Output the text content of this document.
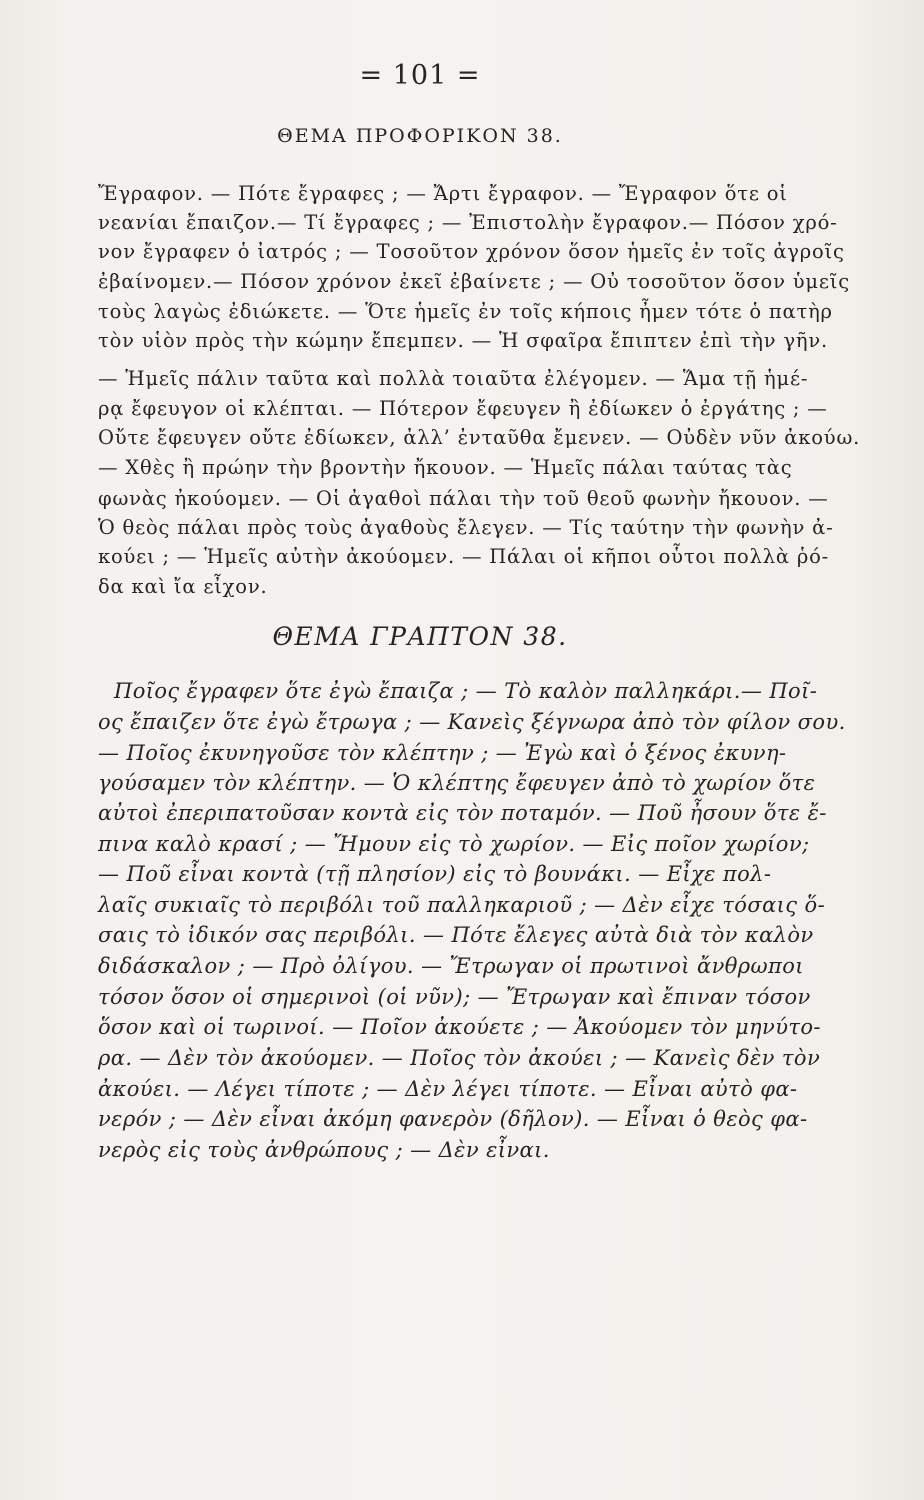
= 101 =
ΘΕΜΑ ΠΡΟΦΟΡΙΚΟΝ 38.
Ἔγραφον. — Πότε ἔγραφες ; — Ἄρτι ἔγραφον. — Ἔγραφον ὅτε οἱ
νεανίαι ἔπαιζον.— Τί ἔγραφες ; — Ἐπιστολὴν ἔγραφον.— Πόσον χρό-
νον ἔγραφεν ὁ ἰατρός ; — Τοσοῦτον χρόνον ὅσον ἡμεῖς ἐν τοῖς ἀγροῖς
ἐβαίνομεν.— Πόσον χρόνον ἐκεῖ ἐβαίνετε ; — Οὐ τοσοῦτον ὅσον ὑμεῖς
τοὺς λαγὼς ἐδιώκετε. — Ὅτε ἡμεῖς ἐν τοῖς κήποις ἦμεν τότε ὁ πατὴρ
τὸν υἱὸν πρὸς τὴν κώμην ἔπεμπεν. — Ἡ σφαῖρα ἔπιπτεν ἐπὶ τὴν γῆν.
— Ἡμεῖς πάλιν ταῦτα καὶ πολλὰ τοιαῦτα ἐλέγομεν. — Ἅμα τῇ ἡμέ-
ρᾳ ἔφευγον οἱ κλέπται. — Πότερον ἔφευγεν ἢ ἐδίωκεν ὁ ἐργάτης ; —
Οὔτε ἔφευγεν οὔτε ἐδίωκεν, ἀλλ’ ἐνταῦθα ἔμενεν. — Οὐδὲν νῦν ἀκούω.
— Χθὲς ἢ πρώην τὴν βροντὴν ἤκουον. — Ἡμεῖς πάλαι ταύτας τὰς
φωνὰς ἠκούομεν. — Οἱ ἀγαθοὶ πάλαι τὴν τοῦ θεοῦ φωνὴν ἤκουον. —
Ὁ θεὸς πάλαι πρὸς τοὺς ἀγαθοὺς ἔλεγεν. — Τίς ταύτην τὴν φωνὴν ἀ-
κούει ; — Ἡμεῖς αὐτὴν ἀκούομεν. — Πάλαι οἱ κῆποι οὗτοι πολλὰ ῥό-
δα καὶ ἴα εἶχον.
ΘΕΜΑ ΓΡΑΠΤΟΝ 38.
Ποῖος ἔγραφεν ὅτε ἐγὼ ἔπαιζα ; — Τὸ καλὸν παλληκάρι.— Ποῖ-
ος ἔπαιζεν ὅτε ἐγὼ ἔτρωγα ; — Κανεὶς ξέγνωρα ἀπὸ τὸν φίλον σου.
— Ποῖος ἐκυνηγοῦσε τὸν κλέπτην ; — Ἐγὼ καὶ ὁ ξένος ἐκυνη-
γούσαμεν τὸν κλέπτην. — Ὁ κλέπτης ἔφευγεν ἀπὸ τὸ χωρίον ὅτε
αὐτοὶ ἐπεριπατοῦσαν κοντὰ εἰς τὸν ποταμόν. — Ποῦ ἦσουν ὅτε ἔ-
πινα καλὸ κρασί ; — Ἤμουν εἰς τὸ χωρίον. — Εἰς ποῖον χωρίον;
— Ποῦ εἶναι κοντὰ (τῇ πλησίον) εἰς τὸ βουνάκι. — Εἶχε πολ-
λαῖς συκιαῖς τὸ περιβόλι τοῦ παλληκαριοῦ ; — Δὲν εἶχε τόσαις ὅ-
σαις τὸ ἰδικόν σας περιβόλι. — Πότε ἔλεγες αὐτὰ διὰ τὸν καλὸν
διδάσκαλον ; — Πρὸ ὀλίγου. — Ἔτρωγαν οἱ πρωτινοὶ ἄνθρωποι
τόσον ὅσον οἱ σημερινοὶ (οἱ νῦν); — Ἔτρωγαν καὶ ἔπιναν τόσον
ὅσον καὶ οἱ τωρινοί. — Ποῖον ἀκούετε ; — Ἀκούομεν τὸν μηνύτο-
ρα. — Δὲν τὸν ἀκούομεν. — Ποῖος τὸν ἀκούει ; — Κανεὶς δὲν τὸν
ἀκούει. — Λέγει τίποτε ; — Δὲν λέγει τίποτε. — Εἶναι αὐτὸ φα-
νερόν ; — Δὲν εἶναι ἀκόμη φανερὸν (δῆλον). — Εἶναι ὁ θεὸς φα-
νερὸς εἰς τοὺς ἀνθρώπους ; — Δὲν εἶναι.
